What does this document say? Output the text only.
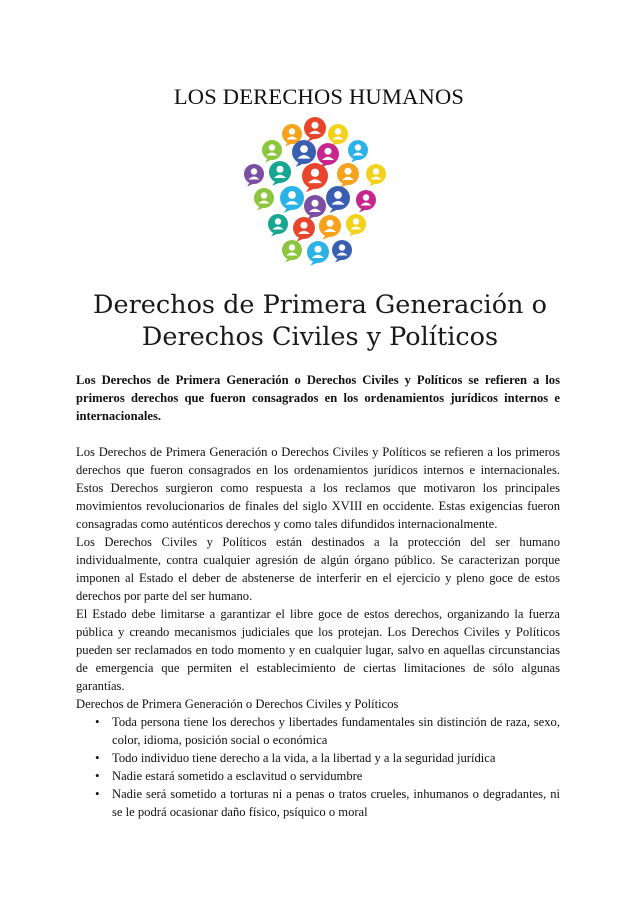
LOS DERECHOS HUMANOS
Derechos de Primera Generación o
Derechos Civiles y Políticos

Los Derechos de Primera Generación o Derechos Civiles y Políticos se refieren a los primeros derechos que fueron consagrados en los ordenamientos jurídicos internos e internacionales.

Los Derechos de Primera Generación o Derechos Civiles y Políticos se refieren a los primeros derechos que fueron consagrados en los ordenamientos jurídicos internos e internacionales. Estos Derechos surgieron como respuesta a los reclamos que motivaron los principales movimientos revolucionarios de finales del siglo XVIII en occidente. Estas exigencias fueron consagradas como auténticos derechos y como tales difundidos internacionalmente.

Los Derechos Civiles y Políticos están destinados a la protección del ser humano individualmente, contra cualquier agresión de algún órgano público. Se caracterizan porque imponen al Estado el deber de abstenerse de interferir en el ejercicio y pleno goce de estos derechos por parte del ser humano.

El Estado debe limitarse a garantizar el libre goce de estos derechos, organizando la fuerza pública y creando mecanismos judiciales que los protejan. Los Derechos Civiles y Políticos pueden ser reclamados en todo momento y en cualquier lugar, salvo en aquellas circunstancias de emergencia que permiten el establecimiento de ciertas limitaciones de sólo algunas garantías.

Derechos de Primera Generación o Derechos Civiles y Políticos

• Toda persona tiene los derechos y libertades fundamentales sin distinción de raza, sexo, color, idioma, posición social o económica
• Todo individuo tiene derecho a la vida, a la libertad y a la seguridad jurídica
• Nadie estará sometido a esclavitud o servidumbre
• Nadie será sometido a torturas ni a penas o tratos crueles, inhumanos o degradantes, ni se le podrá ocasionar daño físico, psíquico o moral
